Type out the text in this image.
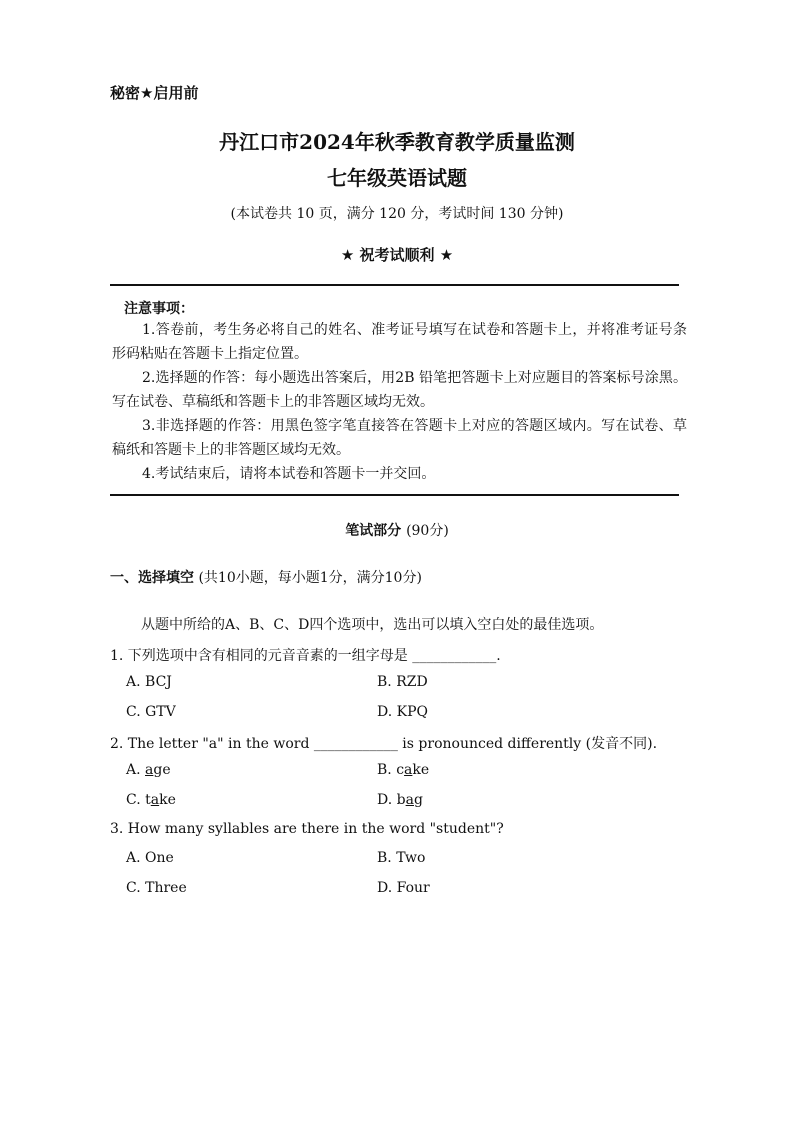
秘密★启用前
丹江口市2024年秋季教育教学质量监测
七年级英语试题
(本试卷共 10 页，满分 120 分，考试时间 130 分钟)
★ 祝考试顺利 ★
注意事项：

1.答卷前，考生务必将自己的姓名、准考证号填写在试卷和答题卡上，并将准考证号条形码粘贴在答题卡上指定位置。

2.选择题的作答：每小题选出答案后，用2B 铅笔把答题卡上对应题目的答案标号涂黑。写在试卷、草稿纸和答题卡上的非答题区域均无效。

3.非选择题的作答：用黑色签字笔直接答在答题卡上对应的答题区域内。写在试卷、草稿纸和答题卡上的非答题区域均无效。

4.考试结束后，请将本试卷和答题卡一并交回。

笔试部分 (90分)
一、选择填空 (共10小题，每小题1分，满分10分)
从题中所给的A、B、C、D四个选项中，选出可以填入空白处的最佳选项。
1. 下列选项中含有相同的元音音素的一组字母是 ____________.
A. BCJ	B. RZD
C. GTV	D. KPQ
2. The letter "a" in the word ____________ is pronounced differently (发音不同).
A. age	B. cake
C. take	D. bag
3. How many syllables are there in the word "student"?
A. One	B. Two
C. Three	D. Four
